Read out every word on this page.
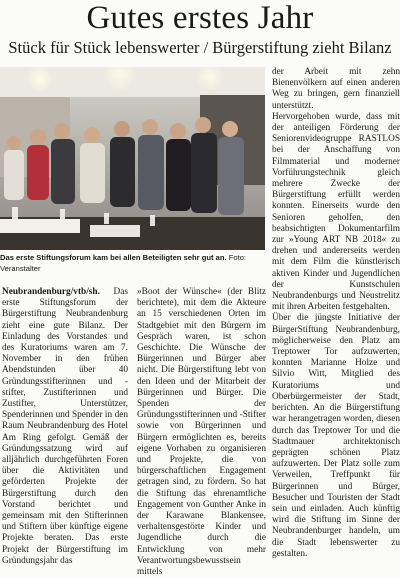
Gutes erstes Jahr
Stück für Stück lebenswerter / Bürgerstiftung zieht Bilanz
Das erste Stiftungsforum kam bei allen Beteiligten sehr gut an. Foto: Veranstalter

Neubrandenburg/vtb/sh. Das erste Stiftungsforum der Bürgerstiftung Neubrandenburg zieht eine gute Bilanz. Der Einladung des Vorstandes und des Kuratoriums waren am 7. November in den frühen Abendstunden über 40 Gründungsstifterinnen und -stifter, Zustifterinnen und Zustifter, Unterstützer, Spenderinnen und Spender in den Raum Neubrandenburg des Hotel Am Ring gefolgt. Gemäß der Gründungssatzung wird auf alljährlich durchgeführten Foren über die Aktivitäten und geförderten Projekte der Bürgerstiftung durch den Vorstand berichtet und gemeinsam mit den Stifterinnen und Stiftern über künftige eigene Projekte beraten. Das erste Projekt der Bürgerstiftung im Gründungsjahr das

»Boot der Wünsche« (der Blitz berichtete), mit dem die Akteure an 15 verschiedenen Orten im Stadtgebiet mit den Bürgern im Gespräch waren, ist schon Geschichte. Die Wünsche der Bürgerinnen und Bürger aber nicht. Die Bürgerstiftung lebt von den Ideen und der Mitarbeit der Bürgerinnen und Bürger. Die Spenden der Gründungsstifterinnen und -Stifter sowie von Bürgerinnen und Bürgern ermöglichten es, bereits eigene Vorhaben zu organisieren und Projekte, die von bürgerschaftlichen Engagement getragen sind, zu fördern. So hat die Stiftung das ehrenamtliche Engagement von Gunther Anke in der Karawane Blankensee, verhaltensgestörte Kinder und Jugendliche durch die Entwicklung von mehr Verantwortungsbewusstsein mittels

der Arbeit mit zehn Bienenvölkern auf einen anderen Weg zu bringen, gern finanziell unterstützt.

Hervorgehoben wurde, dass mit der anteiligen Förderung der Seniorenvideogruppe RASTLOS bei der Anschaffung von Filmmaterial und moderner Vorführungstechnik gleich mehrere Zwecke der Bürgerstiftung erfüllt werden konnten. Einerseits wurde den Senioren geholfen, den beabsichtigten Dokumentarfilm zur »Young ART NB 2018« zu drehen und andererseits werden mit dem Film die künstlerisch aktiven Kinder und Jugendlichen der Kunstschulen Neubrandenburgs und Neustrelitz mit ihren Arbeiten festgehalten.

Über die jüngste Initiative der BürgerStiftung Neubrandenburg, möglicherweise den Platz am Treptower Tor aufzuwerten, konnten Marianne Holze und Silvio Witt, Mitglied des Kuratoriums und Oberbürgermeister der Stadt, berichten. An die Bürgerstiftung war herangetragen worden, diesen durch das Treptower Tor und die Stadtmauer architektonisch geprägten schönen Platz aufzuwerten. Der Platz solle zum Verweilen, Treffpunkt für Bürgerinnen und Bürger, Besucher und Touristen der Stadt sein und einladen. Auch künftig wird die Stiftung im Sinne der Neubrandenburger handeln, um die Stadt lebenswerter zu gestalten.
